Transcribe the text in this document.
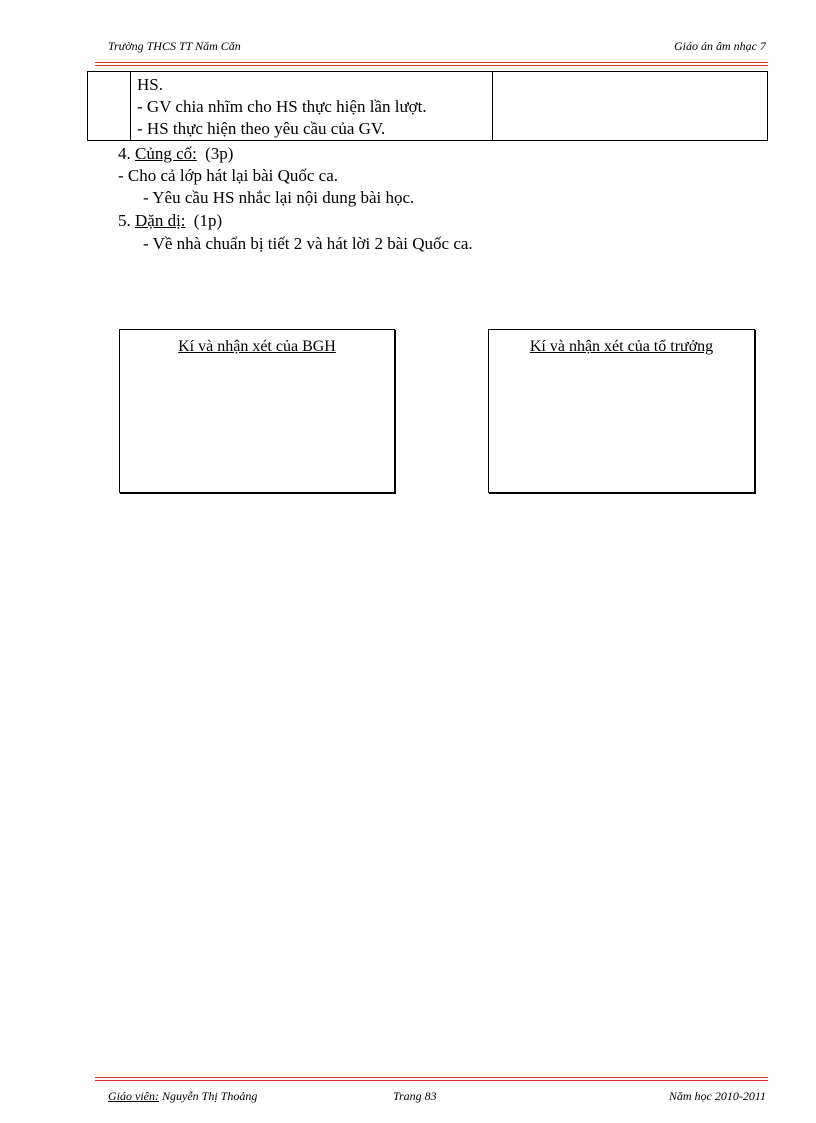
Trường THCS TT Năm Căn	Giáo án âm nhạc 7
HS.
- GV chia nhĩm cho HS thực hiện lần lượt.
- HS thực hiện theo yêu cầu của GV.
4. Củng cố: (3p)
- Cho cả lớp hát lại bài Quốc ca.
- Yêu cầu HS nhắc lại nội dung bài học.
5. Dặn dị: (1p)
- Về nhà chuẩn bị tiết 2 và hát lời 2 bài Quốc ca.
Kí và nhận xét của BGH	Kí và nhận xét của tổ trưởng
Giáo viên: Nguyễn Thị Thoảng	Trang 83	Năm học 2010-2011
